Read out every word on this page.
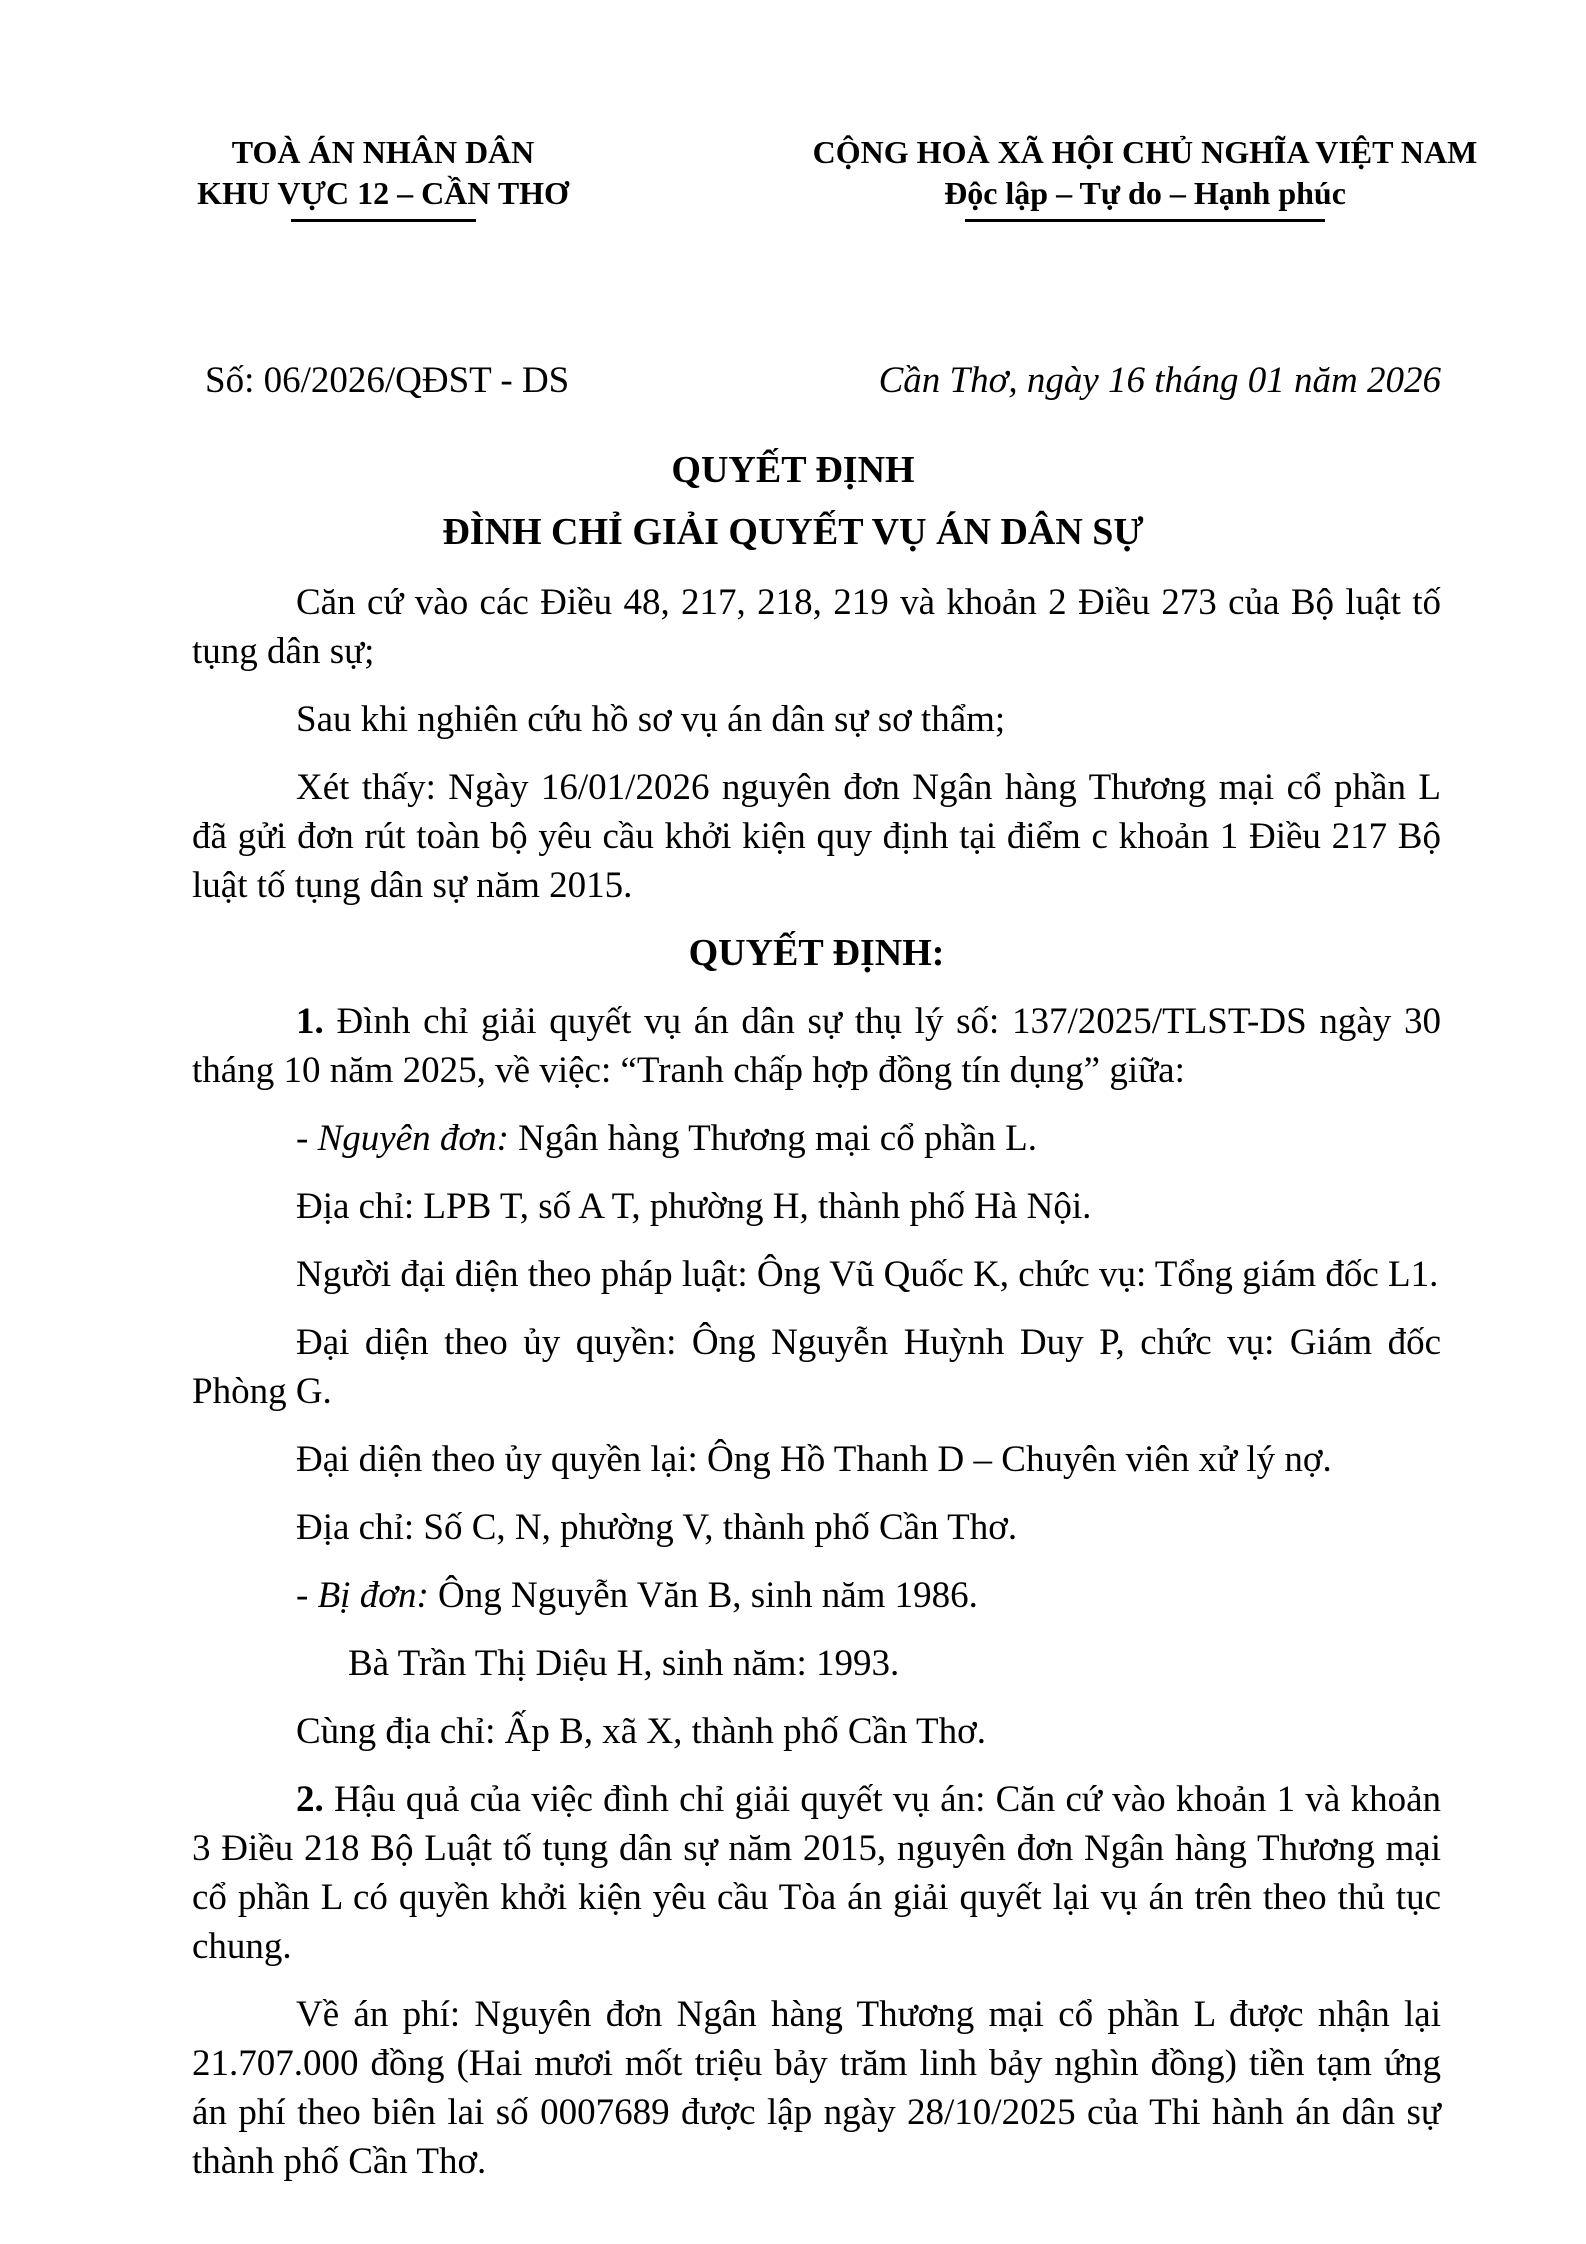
TOÀ ÁN NHÂN DÂN
KHU VỰC 12 – CẦN THƠ
CỘNG HOÀ XÃ HỘI CHỦ NGHĨA VIỆT NAM
Độc lập – Tự do – Hạnh phúc
Số: 06/2026/QĐST - DS	Cần Thơ, ngày 16 tháng 01 năm 2026
QUYẾT ĐỊNH
ĐÌNH CHỈ GIẢI QUYẾT VỤ ÁN DÂN SỰ

Căn cứ vào các Điều 48, 217, 218, 219 và khoản 2 Điều 273 của Bộ luật tố tụng dân sự;

Sau khi nghiên cứu hồ sơ vụ án dân sự sơ thẩm;

Xét thấy: Ngày 16/01/2026 nguyên đơn Ngân hàng Thương mại cổ phần L đã gửi đơn rút toàn bộ yêu cầu khởi kiện quy định tại điểm c khoản 1 Điều 217 Bộ luật tố tụng dân sự năm 2015.

QUYẾT ĐỊNH:

1. Đình chỉ giải quyết vụ án dân sự thụ lý số: 137/2025/TLST-DS ngày 30 tháng 10 năm 2025, về việc: “Tranh chấp hợp đồng tín dụng” giữa:

- Nguyên đơn: Ngân hàng Thương mại cổ phần L.

Địa chỉ: LPB T, số A T, phường H, thành phố Hà Nội.

Người đại diện theo pháp luật: Ông Vũ Quốc K, chức vụ: Tổng giám đốc L1.

Đại diện theo ủy quyền: Ông Nguyễn Huỳnh Duy P, chức vụ: Giám đốc Phòng G.

Đại diện theo ủy quyền lại: Ông Hồ Thanh D – Chuyên viên xử lý nợ.

Địa chỉ: Số C, N, phường V, thành phố Cần Thơ.

- Bị đơn: Ông Nguyễn Văn B, sinh năm 1986.

Bà Trần Thị Diệu H, sinh năm: 1993.

Cùng địa chỉ: Ấp B, xã X, thành phố Cần Thơ.

2. Hậu quả của việc đình chỉ giải quyết vụ án: Căn cứ vào khoản 1 và khoản 3 Điều 218 Bộ Luật tố tụng dân sự năm 2015, nguyên đơn Ngân hàng Thương mại cổ phần L có quyền khởi kiện yêu cầu Tòa án giải quyết lại vụ án trên theo thủ tục chung.

Về án phí: Nguyên đơn Ngân hàng Thương mại cổ phần L được nhận lại 21.707.000 đồng (Hai mươi mốt triệu bảy trăm linh bảy nghìn đồng) tiền tạm ứng án phí theo biên lai số 0007689 được lập ngày 28/10/2025 của Thi hành án dân sự thành phố Cần Thơ.
